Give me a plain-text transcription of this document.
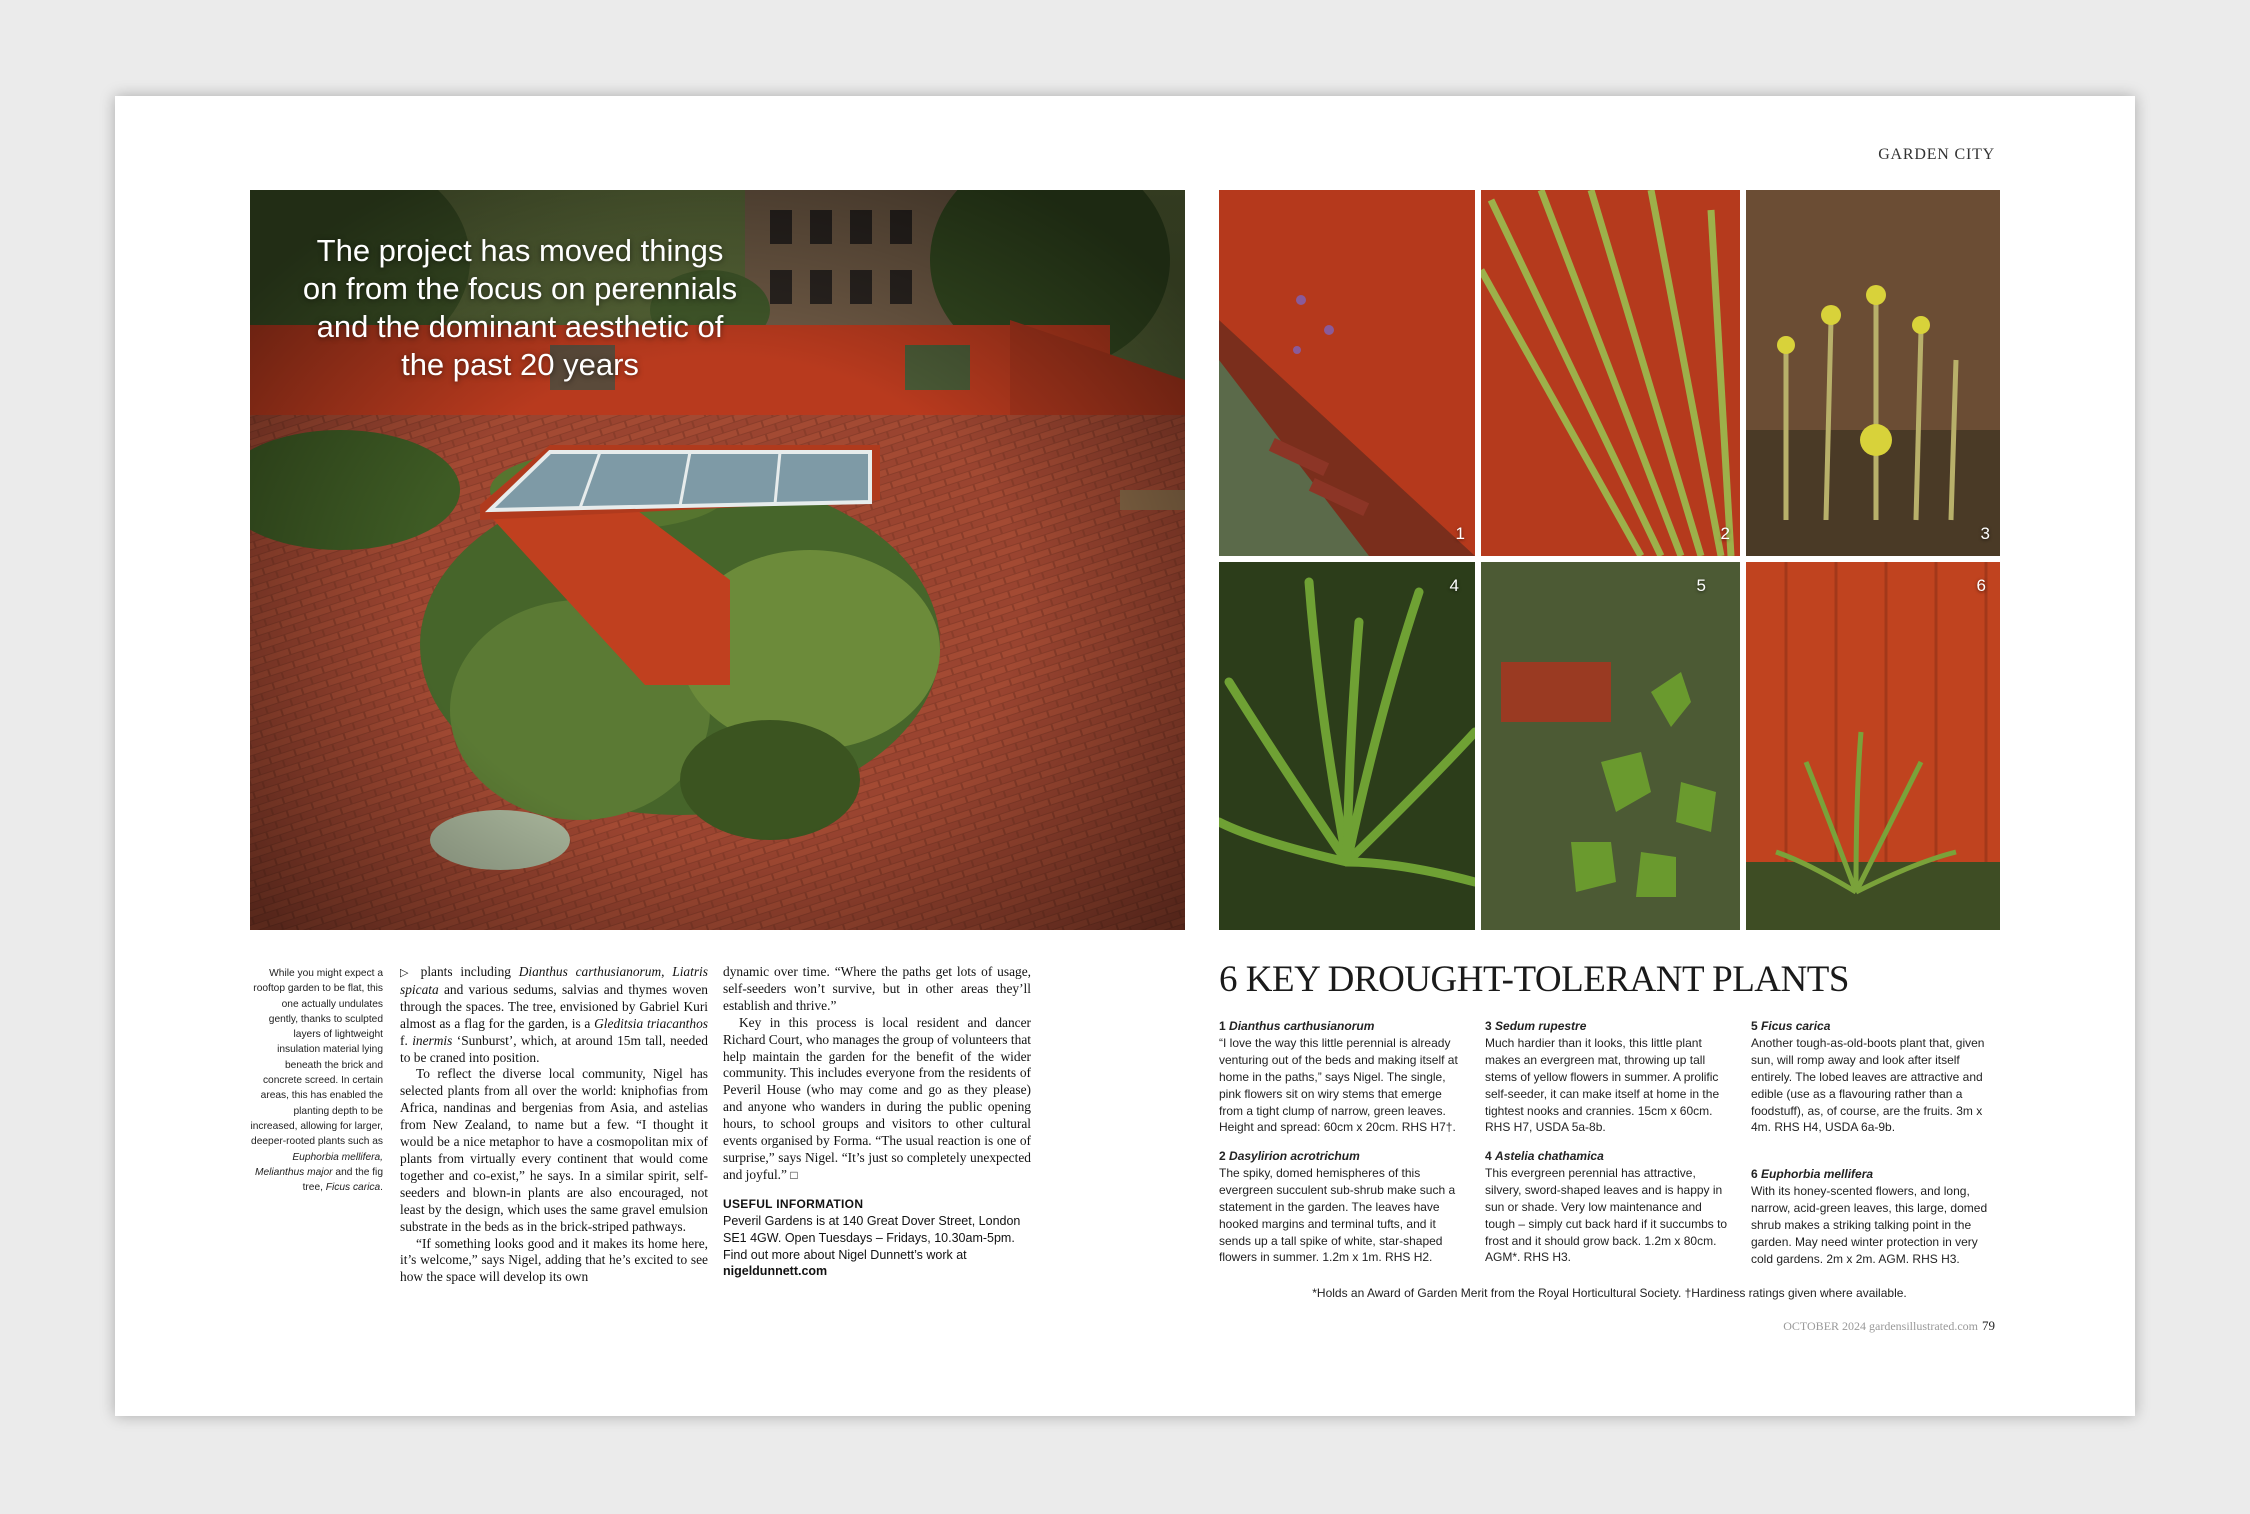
GARDEN CITY
The project has moved things on from the focus on perennials and the dominant aesthetic of the past 20 years
1	2	3
4	5	6
While you might expect a rooftop garden to be flat, this one actually undulates gently, thanks to sculpted layers of lightweight insulation material lying beneath the brick and concrete screed. In certain areas, this has enabled the planting depth to be increased, allowing for larger, deeper-rooted plants such as Euphorbia mellifera, Melianthus major and the fig tree, Ficus carica.

▷ plants including Dianthus carthusianorum, Liatris spicata and various sedums, salvias and thymes woven through the spaces. The tree, envisioned by Gabriel Kuri almost as a flag for the garden, is a Gleditsia triacanthos f. inermis ‘Sunburst’, which, at around 15m tall, needed to be craned into position.

To reflect the diverse local community, Nigel has selected plants from all over the world: kniphofias from Africa, nandinas and bergenias from Asia, and astelias from New Zealand, to name but a few. “I thought it would be a nice metaphor to have a cosmopolitan mix of plants from virtually every continent that would come together and co-exist,” he says. In a similar spirit, self-seeders and blown-in plants are also encouraged, not least by the design, which uses the same gravel emulsion substrate in the beds as in the brick-striped pathways.

“If something looks good and it makes its home here, it’s welcome,” says Nigel, adding that he’s excited to see how the space will develop its own

dynamic over time. “Where the paths get lots of usage, self-seeders won’t survive, but in other areas they’ll establish and thrive.”

Key in this process is local resident and dancer Richard Court, who manages the group of volunteers that help maintain the garden for the benefit of the wider community. This includes everyone from the residents of Peveril House (who may come and go as they please) and anyone who wanders in during the public opening hours, to school groups and visitors to other cultural events organised by Forma. “The usual reaction is one of surprise,” says Nigel. “It’s just so completely unexpected and joyful.” □

USEFUL INFORMATION

Peveril Gardens is at 140 Great Dover Street, London SE1 4GW. Open Tuesdays – Fridays, 10.30am-5pm. Find out more about Nigel Dunnett’s work at
nigeldunnett.com

6 KEY DROUGHT-TOLERANT PLANTS
1 Dianthus carthusianorum
“I love the way this little perennial is already venturing out of the beds and making itself at home in the paths,” says Nigel. The single, pink flowers sit on wiry stems that emerge from a tight clump of narrow, green leaves. Height and spread: 60cm x 20cm. RHS H7†.
2 Dasylirion acrotrichum
The spiky, domed hemispheres of this evergreen succulent sub-shrub make such a statement in the garden. The leaves have hooked margins and terminal tufts, and it sends up a tall spike of white, star-shaped flowers in summer. 1.2m x 1m. RHS H2.
3 Sedum rupestre
Much hardier than it looks, this little plant makes an evergreen mat, throwing up tall stems of yellow flowers in summer. A prolific self-seeder, it can make itself at home in the tightest nooks and crannies. 15cm x 60cm. RHS H7, USDA 5a-8b.
4 Astelia chathamica
This evergreen perennial has attractive, silvery, sword-shaped leaves and is happy in sun or shade. Very low maintenance and tough – simply cut back hard if it succumbs to frost and it should grow back. 1.2m x 80cm. AGM*. RHS H3.
5 Ficus carica
Another tough-as-old-boots plant that, given sun, will romp away and look after itself entirely. The lobed leaves are attractive and edible (use as a flavouring rather than a foodstuff), as, of course, are the fruits. 3m x 4m. RHS H4, USDA 6a-9b.
6 Euphorbia mellifera
With its honey-scented flowers, and long, narrow, acid-green leaves, this large, domed shrub makes a striking talking point in the garden. May need winter protection in very cold gardens. 2m x 2m. AGM. RHS H3.
*Holds an Award of Garden Merit from the Royal Horticultural Society. †Hardiness ratings given where available.
OCTOBER 2024 gardensillustrated.com 79
